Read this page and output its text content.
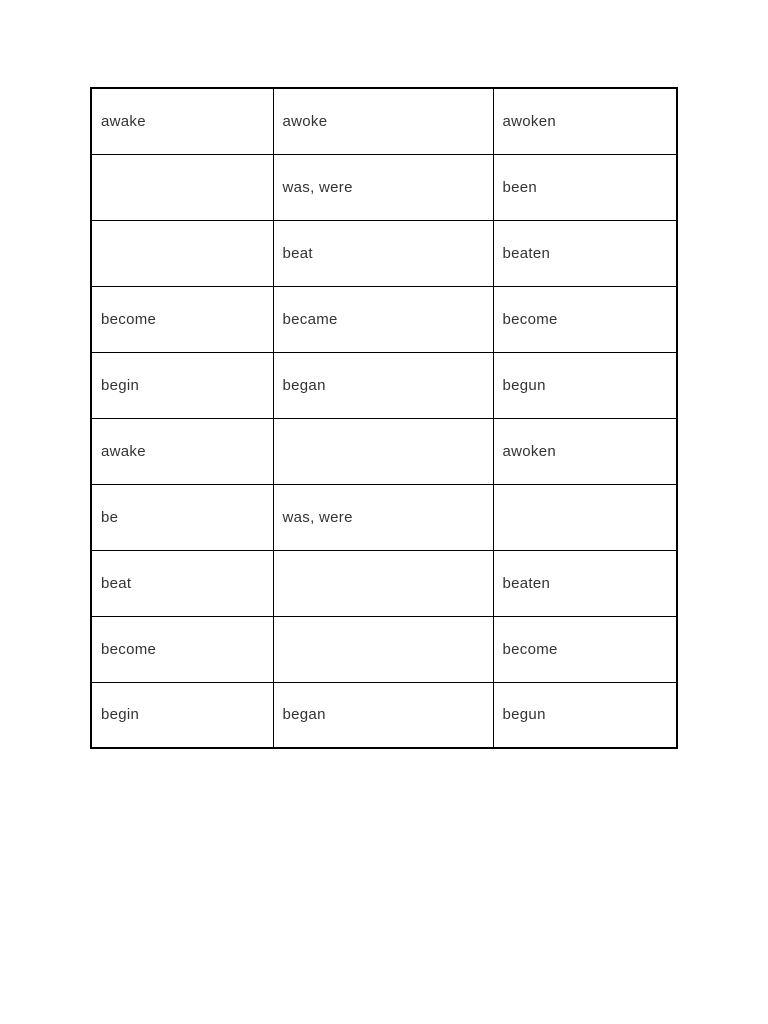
awake	awoke	awoken
	was, were	been
	beat	beaten
become	became	become
begin	began	begun
awake		awoken
be	was, were	
beat		beaten
become		become
begin	began	begun
